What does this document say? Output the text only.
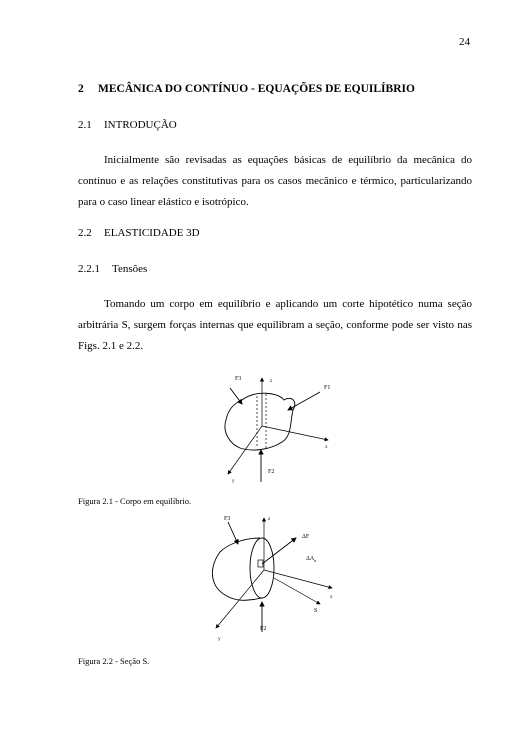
24
2 MECÂNICA DO CONTÍNUO - EQUAÇÕES DE EQUILÍBRIO
2.1 INTRODUÇÃO

Inicialmente são revisadas as equações básicas de equilíbrio da mecânica do contínuo e as relações constitutivas para os casos mecânico e térmico, particularizando para o caso linear elástico e isotrópico.

2.2 ELASTICIDADE 3D
2.2.1 Tensões

Tomando um corpo em equilíbrio e aplicando um corte hipotético numa seção arbitrária S, surgem forças internas que equilibram a seção, conforme pode ser visto nas Figs. 2.1 e 2.2.

F3	z
F1
x
F2
y
Figura 2.1 - Corpo em equilíbrio.
F3	z
ΔF
$\Delta A_n$
x
S
y
F2
Figura 2.2 - Seção S.
